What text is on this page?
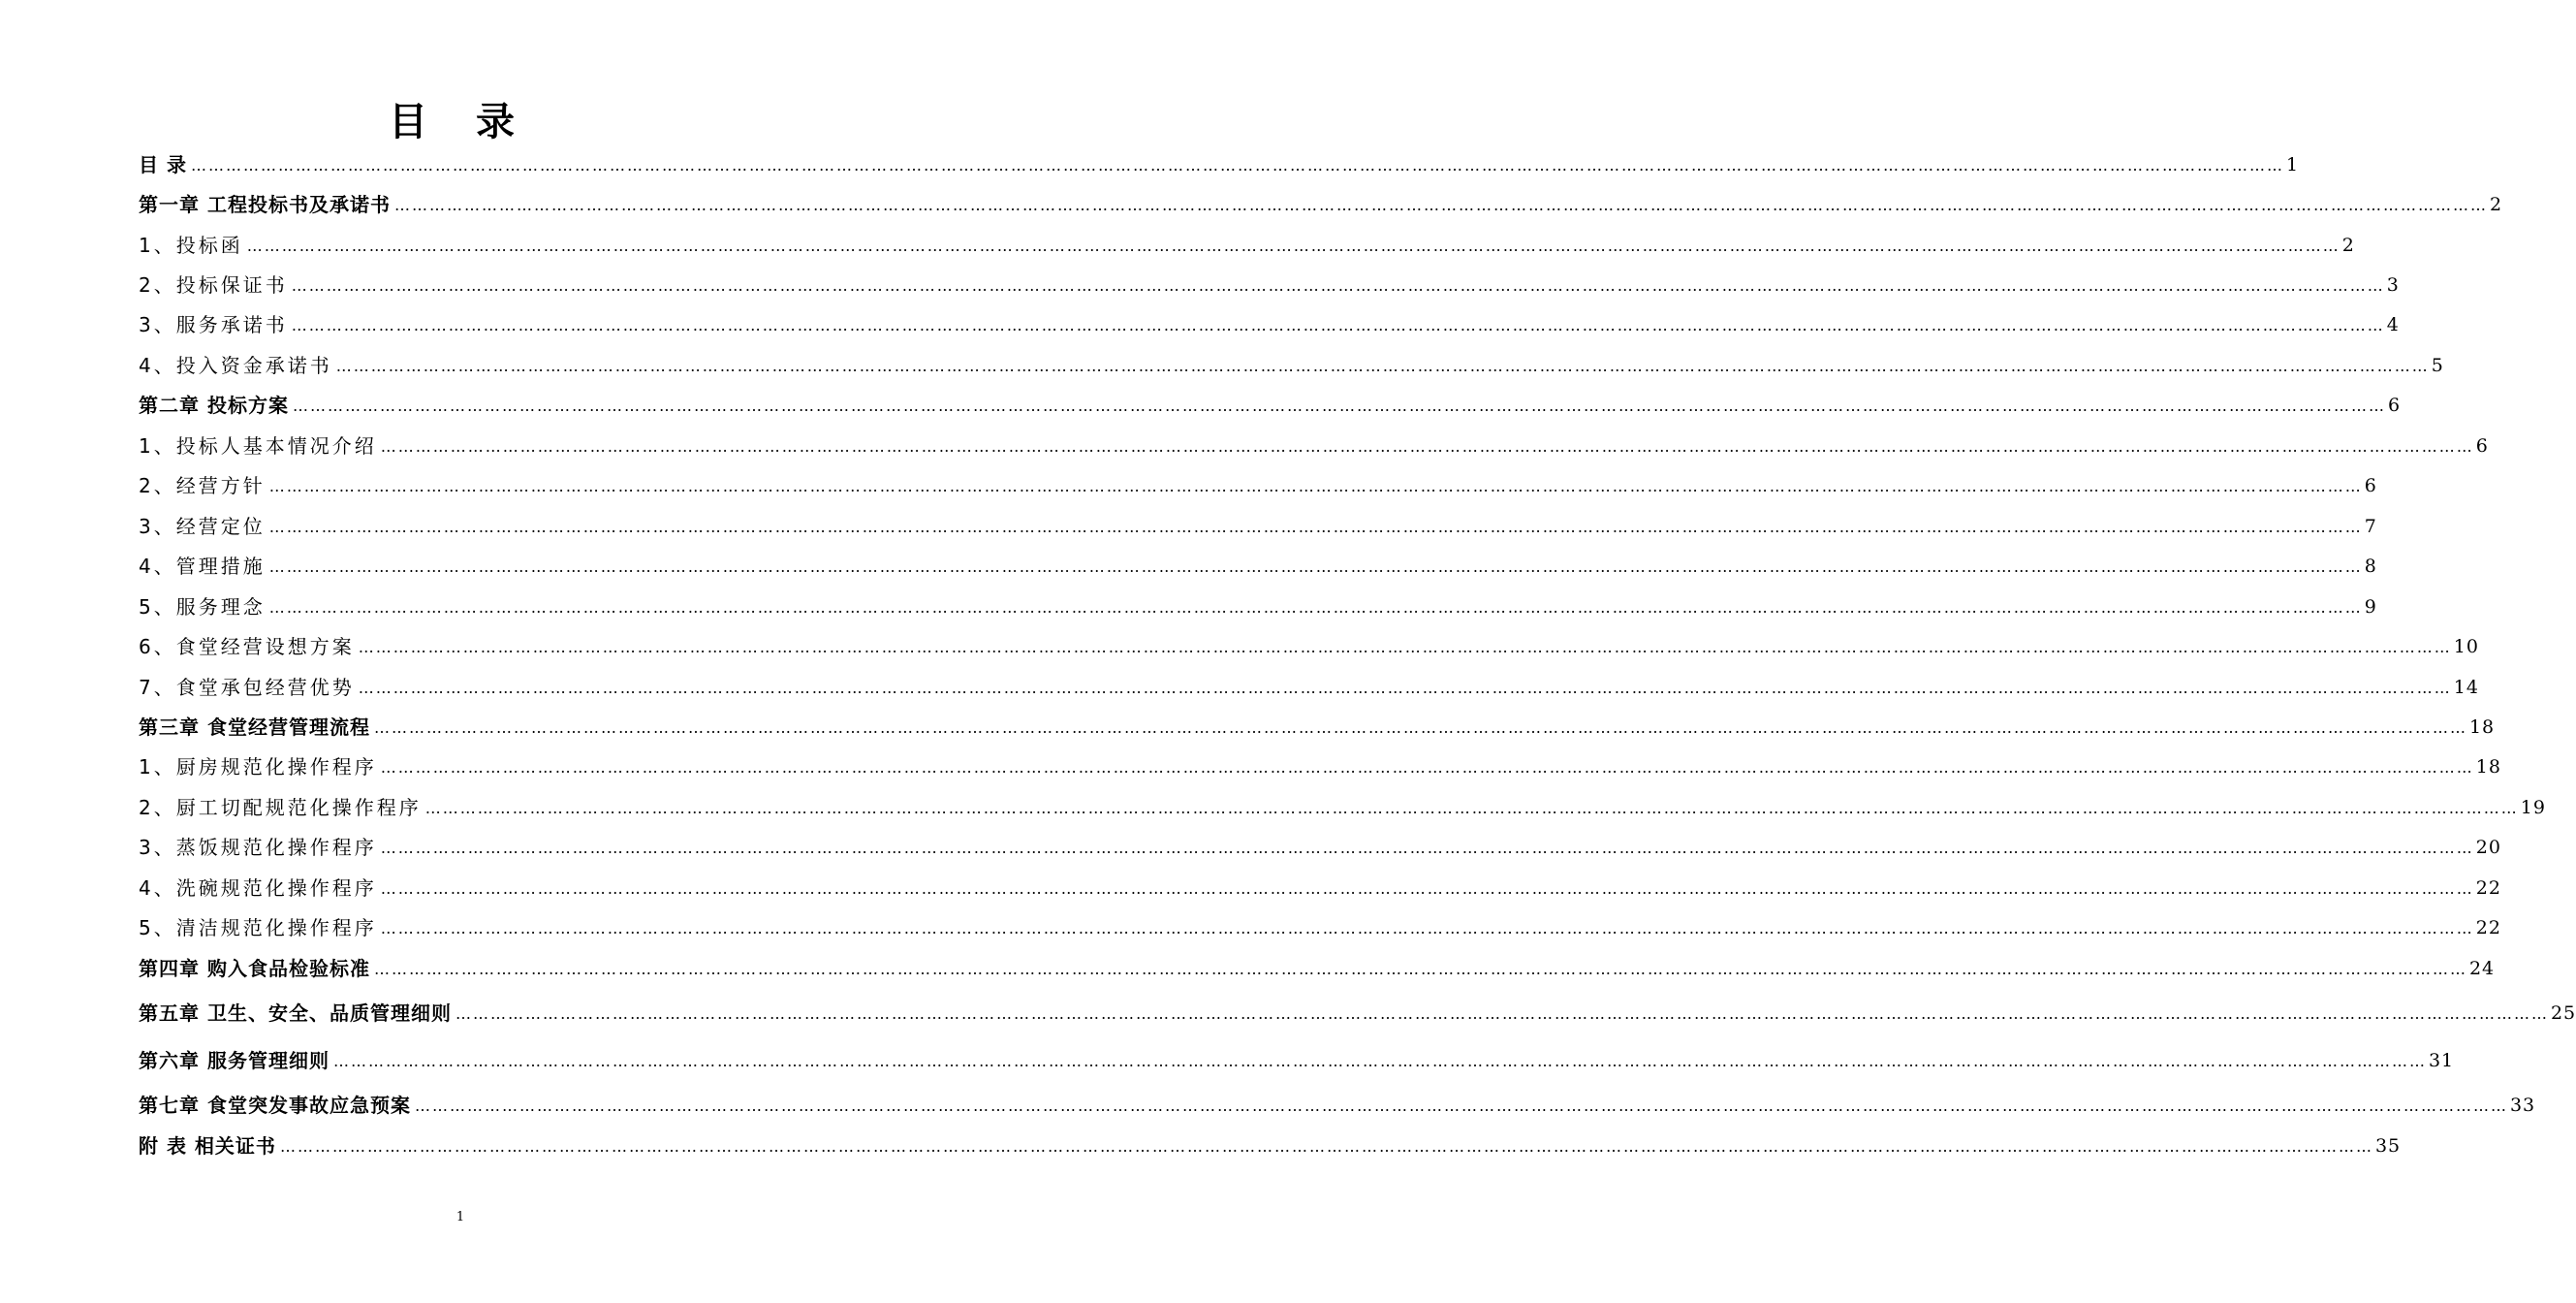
目 录
目 录 ……………………………………………………………………………………………………………………………………………………………………………………………………………………………………………………………………………………………………………………………… 1
第一章 工程投标书及承诺书 ……………………………………………………………………………………………………………………………………………………………………………………………………………………………………………………………………………………………………………………………… 2
1、投标函 ……………………………………………………………………………………………………………………………………………………………………………………………………………………………………………………………………………………………………………………………… 2
2、投标保证书 ……………………………………………………………………………………………………………………………………………………………………………………………………………………………………………………………………………………………………………………………… 3
3、服务承诺书 ……………………………………………………………………………………………………………………………………………………………………………………………………………………………………………………………………………………………………………………………… 4
4、投入资金承诺书 ……………………………………………………………………………………………………………………………………………………………………………………………………………………………………………………………………………………………………………………………… 5
第二章 投标方案 ……………………………………………………………………………………………………………………………………………………………………………………………………………………………………………………………………………………………………………………………… 6
1、投标人基本情况介绍 ……………………………………………………………………………………………………………………………………………………………………………………………………………………………………………………………………………………………………………………………… 6
2、经营方针 ……………………………………………………………………………………………………………………………………………………………………………………………………………………………………………………………………………………………………………………………… 6
3、经营定位 ……………………………………………………………………………………………………………………………………………………………………………………………………………………………………………………………………………………………………………………………… 7
4、管理措施 ……………………………………………………………………………………………………………………………………………………………………………………………………………………………………………………………………………………………………………………………… 8
5、服务理念 ……………………………………………………………………………………………………………………………………………………………………………………………………………………………………………………………………………………………………………………………… 9
6、食堂经营设想方案 ……………………………………………………………………………………………………………………………………………………………………………………………………………………………………………………………………………………………………………………………… 10
7、食堂承包经营优势 ……………………………………………………………………………………………………………………………………………………………………………………………………………………………………………………………………………………………………………………………… 14
第三章 食堂经营管理流程 ……………………………………………………………………………………………………………………………………………………………………………………………………………………………………………………………………………………………………………………………… 18
1、厨房规范化操作程序 ……………………………………………………………………………………………………………………………………………………………………………………………………………………………………………………………………………………………………………………………… 18
2、厨工切配规范化操作程序 ……………………………………………………………………………………………………………………………………………………………………………………………………………………………………………………………………………………………………………………………… 19
3、蒸饭规范化操作程序 ……………………………………………………………………………………………………………………………………………………………………………………………………………………………………………………………………………………………………………………………… 20
4、洗碗规范化操作程序 ……………………………………………………………………………………………………………………………………………………………………………………………………………………………………………………………………………………………………………………………… 22
5、清洁规范化操作程序 ……………………………………………………………………………………………………………………………………………………………………………………………………………………………………………………………………………………………………………………………… 22
第四章 购入食品检验标准 ……………………………………………………………………………………………………………………………………………………………………………………………………………………………………………………………………………………………………………………………… 24
第五章 卫生、安全、品质管理细则 ……………………………………………………………………………………………………………………………………………………………………………………………………………………………………………………………………………………………………………………………… 25
第六章 服务管理细则 ……………………………………………………………………………………………………………………………………………………………………………………………………………………………………………………………………………………………………………………………… 31
第七章 食堂突发事故应急预案 ……………………………………………………………………………………………………………………………………………………………………………………………………………………………………………………………………………………………………………………………… 33
附 表 相关证书 ……………………………………………………………………………………………………………………………………………………………………………………………………………………………………………………………………………………………………………………………… 35
1
